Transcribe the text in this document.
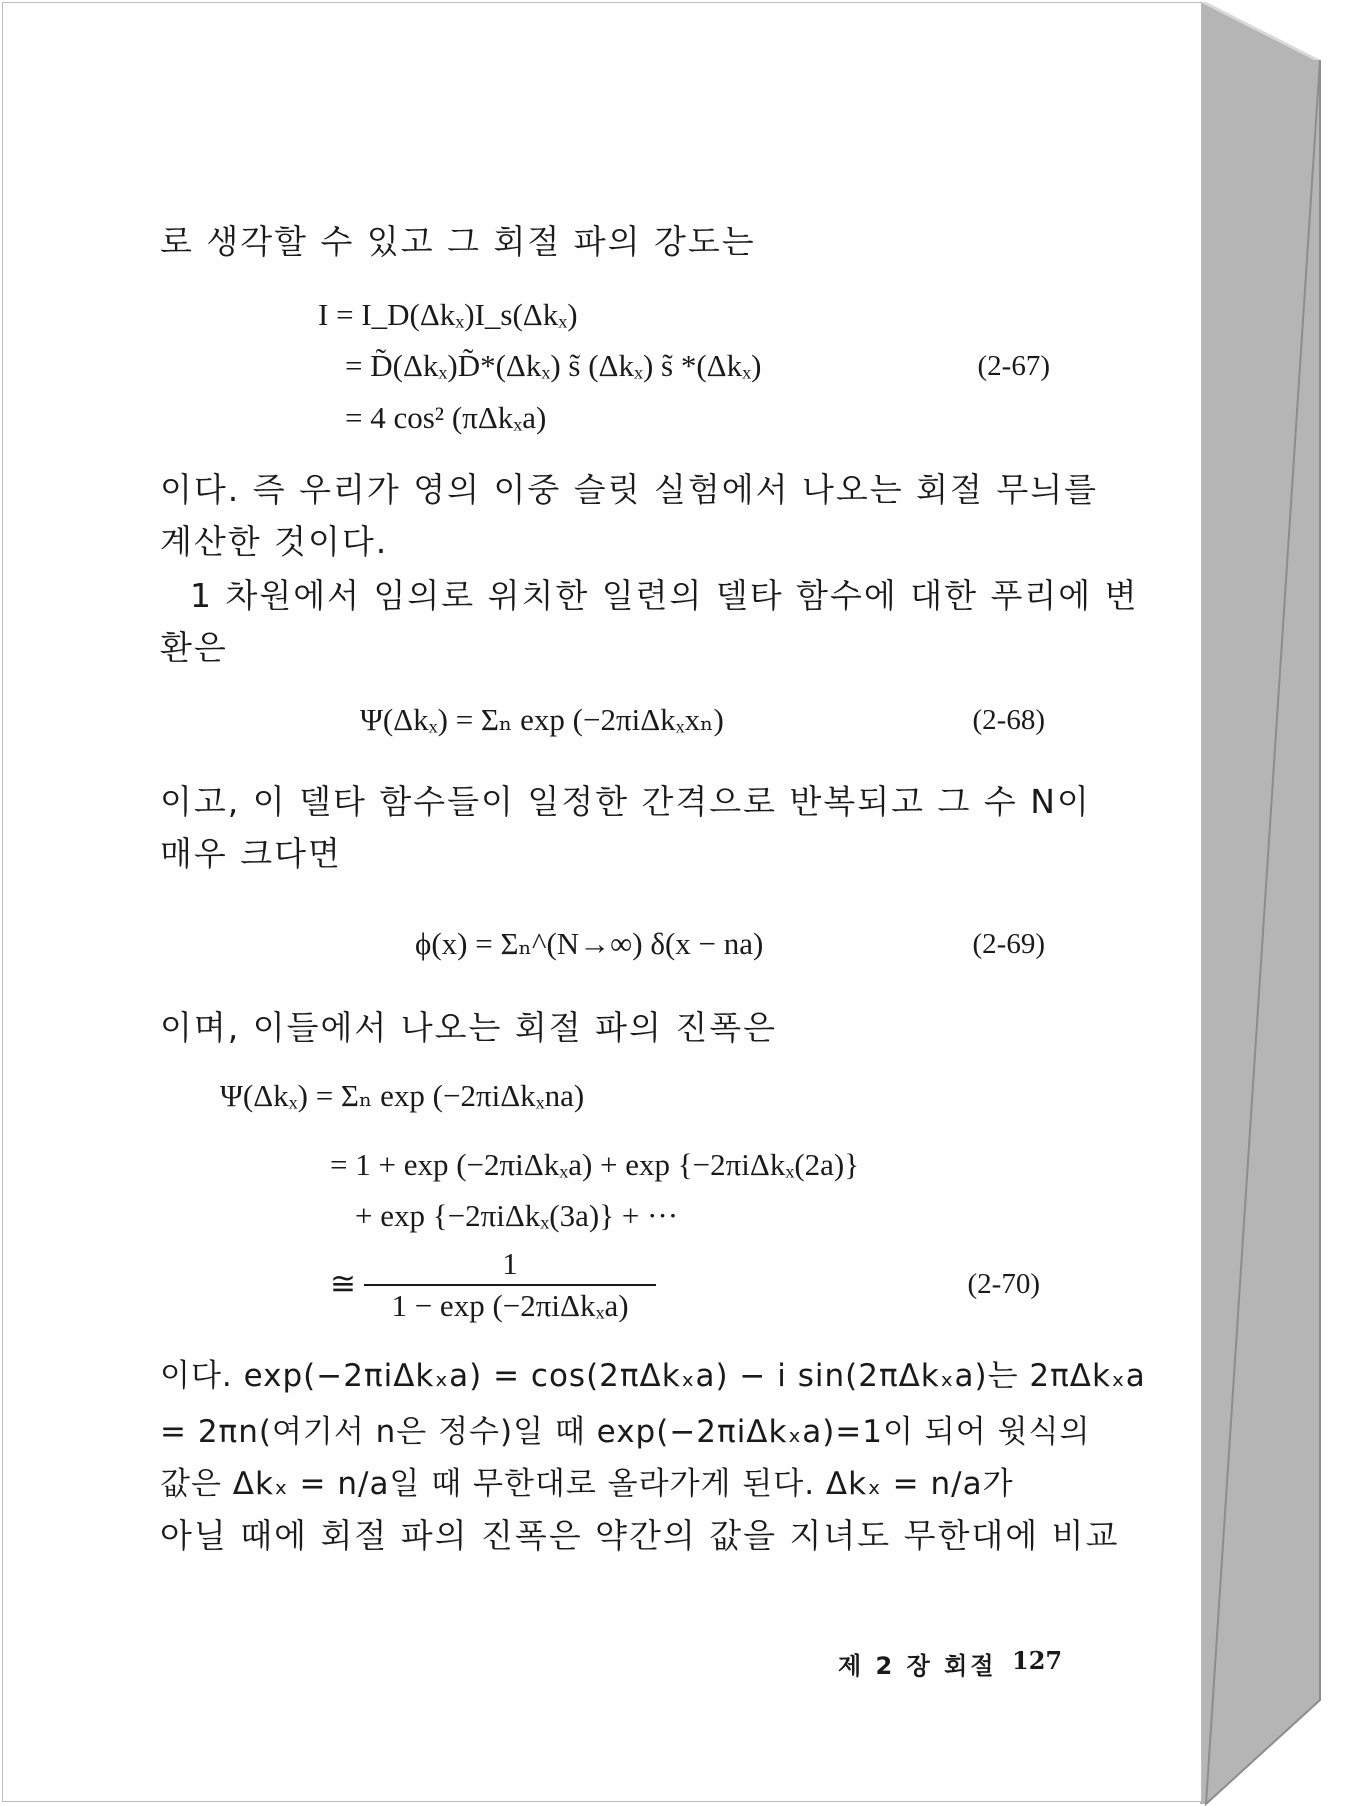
로 생각할 수 있고 그 회절 파의 강도는
I = I_D(Δkₓ)I_s(Δkₓ)
= D̃(Δkₓ)D̃*(Δkₓ) s̃ (Δkₓ) s̃ *(Δkₓ)
= 4 cos² (πΔkₓa)
(2-67)
이다. 즉 우리가 영의 이중 슬릿 실험에서 나오는 회절 무늬를
계산한 것이다.
1 차원에서 임의로 위치한 일련의 델타 함수에 대한 푸리에 변
환은
Ψ(Δkₓ) = Σₙ exp (−2πiΔkₓxₙ)	(2-68)
이고, 이 델타 함수들이 일정한 간격으로 반복되고 그 수 N이
매우 크다면
ϕ(x) = Σₙ^(N→∞) δ(x − na)	(2-69)
이며, 이들에서 나오는 회절 파의 진폭은
Ψ(Δkₓ) = Σₙ exp (−2πiΔkₓna)
= 1 + exp (−2πiΔkₓa) + exp {−2πiΔkₓ(2a)}
+ exp {−2πiΔkₓ(3a)} + ···
≅
1
1 − exp (−2πiΔkₓa)
(2-70)
이다. exp(−2πiΔkₓa) = cos(2πΔkₓa) − i sin(2πΔkₓa)는 2πΔkₓa
= 2πn(여기서 n은 정수)일 때 exp(−2πiΔkₓa)=1이 되어 윗식의
값은 Δkₓ = n/a일 때 무한대로 올라가게 된다. Δkₓ = n/a가
아닐 때에 회절 파의 진폭은 약간의 값을 지녀도 무한대에 비교
제 2 장 회절 127
